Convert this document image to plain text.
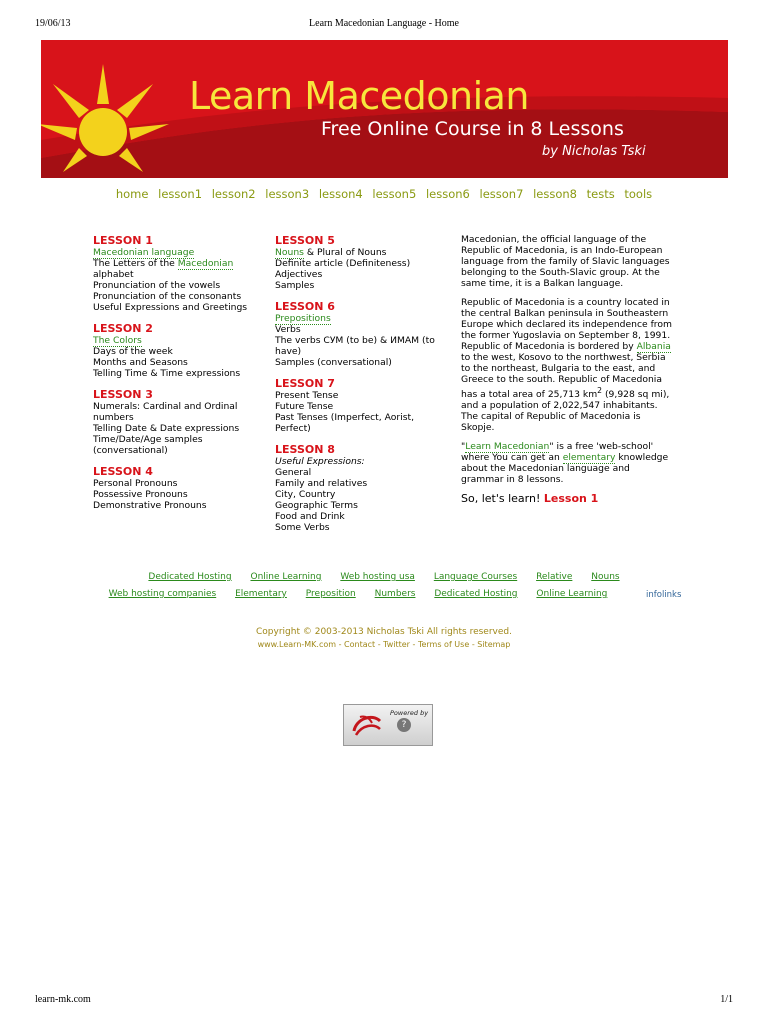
19/06/13	Learn Macedonian Language - Home
Learn Macedonian
Free Online Course in 8 Lessons
by Nicholas Tski
home lesson1 lesson2 lesson3 lesson4 lesson5 lesson6 lesson7 lesson8 tests tools
LESSON 1
Macedonian language
The Letters of the Macedonian alphabet
Pronunciation of the vowels
Pronunciation of the consonants
Useful Expressions and Greetings
LESSON 2
The Colors
Days of the week
Months and Seasons
Telling Time & Time expressions
LESSON 3
Numerals: Cardinal and Ordinal numbers
Telling Date & Date expressions
Time/Date/Age samples (conversational)
LESSON 4
Personal Pronouns
Possessive Pronouns
Demonstrative Pronouns
LESSON 5
Nouns & Plural of Nouns
Definite article (Definiteness)
Adjectives
Samples
LESSON 6
Prepositions
Verbs
The verbs СУМ (to be) & ИМАМ (to have)
Samples (conversational)
LESSON 7
Present Tense
Future Tense
Past Tenses (Imperfect, Aorist, Perfect)
LESSON 8
Useful Expressions:
General
Family and relatives
City, Country
Geographic Terms
Food and Drink
Some Verbs

Macedonian, the official language of the Republic of Macedonia, is an Indo-European language from the family of Slavic languages belonging to the South-Slavic group. At the same time, it is a Balkan language.

Republic of Macedonia is a country located in the central Balkan peninsula in Southeastern Europe which declared its independence from the former Yugoslavia on September 8, 1991. Republic of Macedonia is bordered by Albania to the west, Kosovo to the northwest, Serbia to the northeast, Bulgaria to the east, and Greece to the south. Republic of Macedonia has a total area of 25,713 $km^2$ (9,928 sq mi), and a population of 2,022,547 inhabitants. The capital of Republic of Macedonia is Skopje.

"Learn Macedonian" is a free 'web-school' where You can get an elementary knowledge about the Macedonian language and grammar in 8 lessons.

So, let's learn! Lesson 1
Dedicated Hosting Online Learning Web hosting usa Language Courses Relative Nouns
Web hosting companies Elementary Preposition Numbers Dedicated Hosting Online Learning	infolinks
Copyright © 2003-2013 Nicholas Tski All rights reserved.
www.Learn-MK.com - Contact - Twitter - Terms of Use - Sitemap
Powered by
?
learn-mk.com	1/1
